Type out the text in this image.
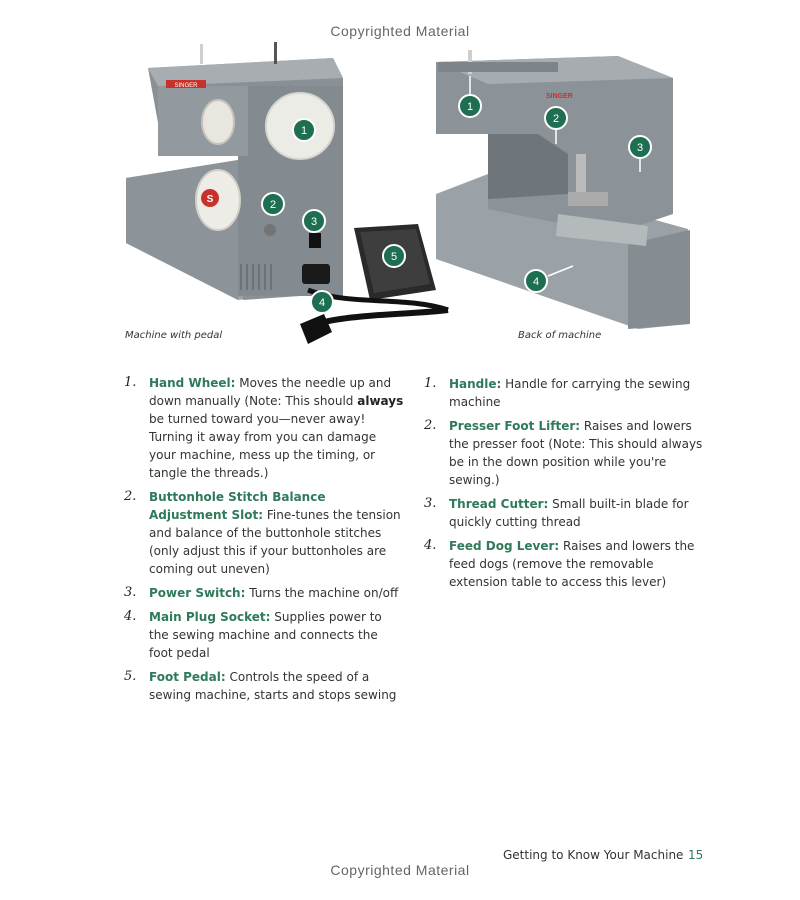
Copyrighted Material
SINGER
S
1
2
3
4
5
Machine with pedal
SINGER
1
2
3
4
Back of machine
1. Hand Wheel: Moves the needle up and down manually (Note: This should always be turned toward you—never away! Turning it away from you can damage your machine, mess up the timing, or tangle the threads.)
2. Buttonhole Stitch Balance Adjustment Slot: Fine-tunes the tension and balance of the buttonhole stitches (only adjust this if your buttonholes are coming out uneven)
3. Power Switch: Turns the machine on/off
4. Main Plug Socket: Supplies power to the sewing machine and connects the foot pedal
5. Foot Pedal: Controls the speed of a sewing machine, starts and stops sewing
1. Handle: Handle for carrying the sewing machine
2. Presser Foot Lifter: Raises and lowers the presser foot (Note: This should always be in the down position while you're sewing.)
3. Thread Cutter: Small built-in blade for quickly cutting thread
4. Feed Dog Lever: Raises and lowers the feed dogs (remove the removable extension table to access this lever)
Getting to Know Your Machine 15
Copyrighted Material
